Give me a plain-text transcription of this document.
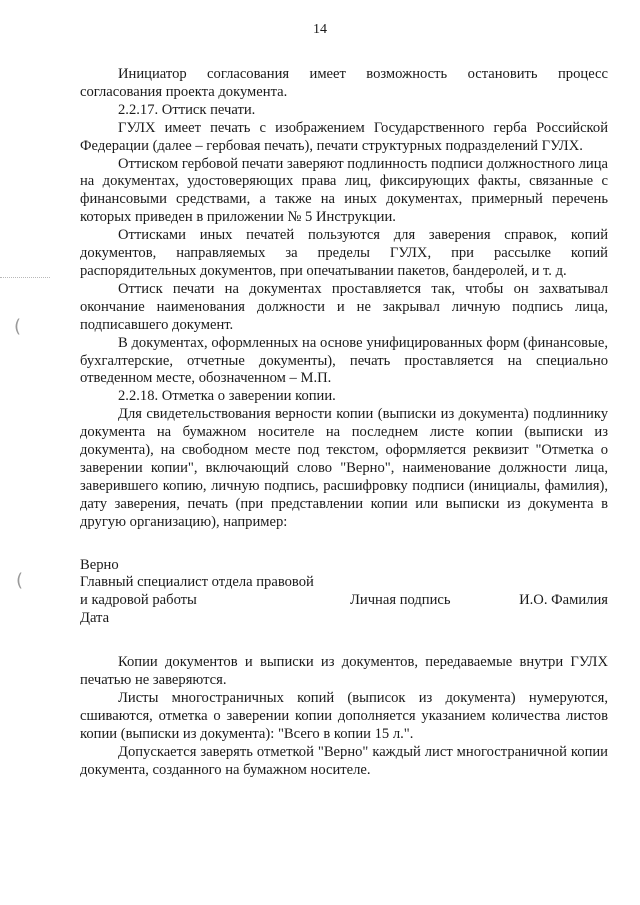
14
(
(

Инициатор согласования имеет возможность остановить процесс согласования проекта документа.

2.2.17. Оттиск печати.

ГУЛХ имеет печать с изображением Государственного герба Российской Федерации (далее – гербовая печать), печати структурных подразделений ГУЛХ.

Оттиском гербовой печати заверяют подлинность подписи должностного лица на документах, удостоверяющих права лиц, фиксирующих факты, связанные с финансовыми средствами, а также на иных документах, примерный перечень которых приведен в приложении № 5 Инструкции.

Оттисками иных печатей пользуются для заверения справок, копий документов, направляемых за пределы ГУЛХ, при рассылке копий распорядительных документов, при опечатывании пакетов, бандеролей, и т. д.

Оттиск печати на документах проставляется так, чтобы он захватывал окончание наименования должности и не закрывал личную подпись лица, подписавшего документ.

В документах, оформленных на основе унифицированных форм (финансовые, бухгалтерские, отчетные документы), печать проставляется на специально отведенном месте, обозначенном – М.П.

2.2.18. Отметка о заверении копии.

Для свидетельствования верности копии (выписки из документа) подлиннику документа на бумажном носителе на последнем листе копии (выписки из документа), на свободном месте под текстом, оформляется реквизит "Отметка о заверении копии", включающий слово "Верно", наименование должности лица, заверившего копию, личную подпись, расшифровку подписи (инициалы, фамилия), дату заверения, печать (при представлении копии или выписки из документа в другую организацию), например:

Верно
Главный специалист отдела правовой
и кадровой работы	Личная подпись	И.О. Фамилия
Дата

Копии документов и выписки из документов, передаваемые внутри ГУЛХ печатью не заверяются.

Листы многостраничных копий (выписок из документа) нумеруются, сшиваются, отметка о заверении копии дополняется указанием количества листов копии (выписки из документа): "Всего в копии 15 л.".

Допускается заверять отметкой "Верно" каждый лист многостраничной копии документа, созданного на бумажном носителе.
